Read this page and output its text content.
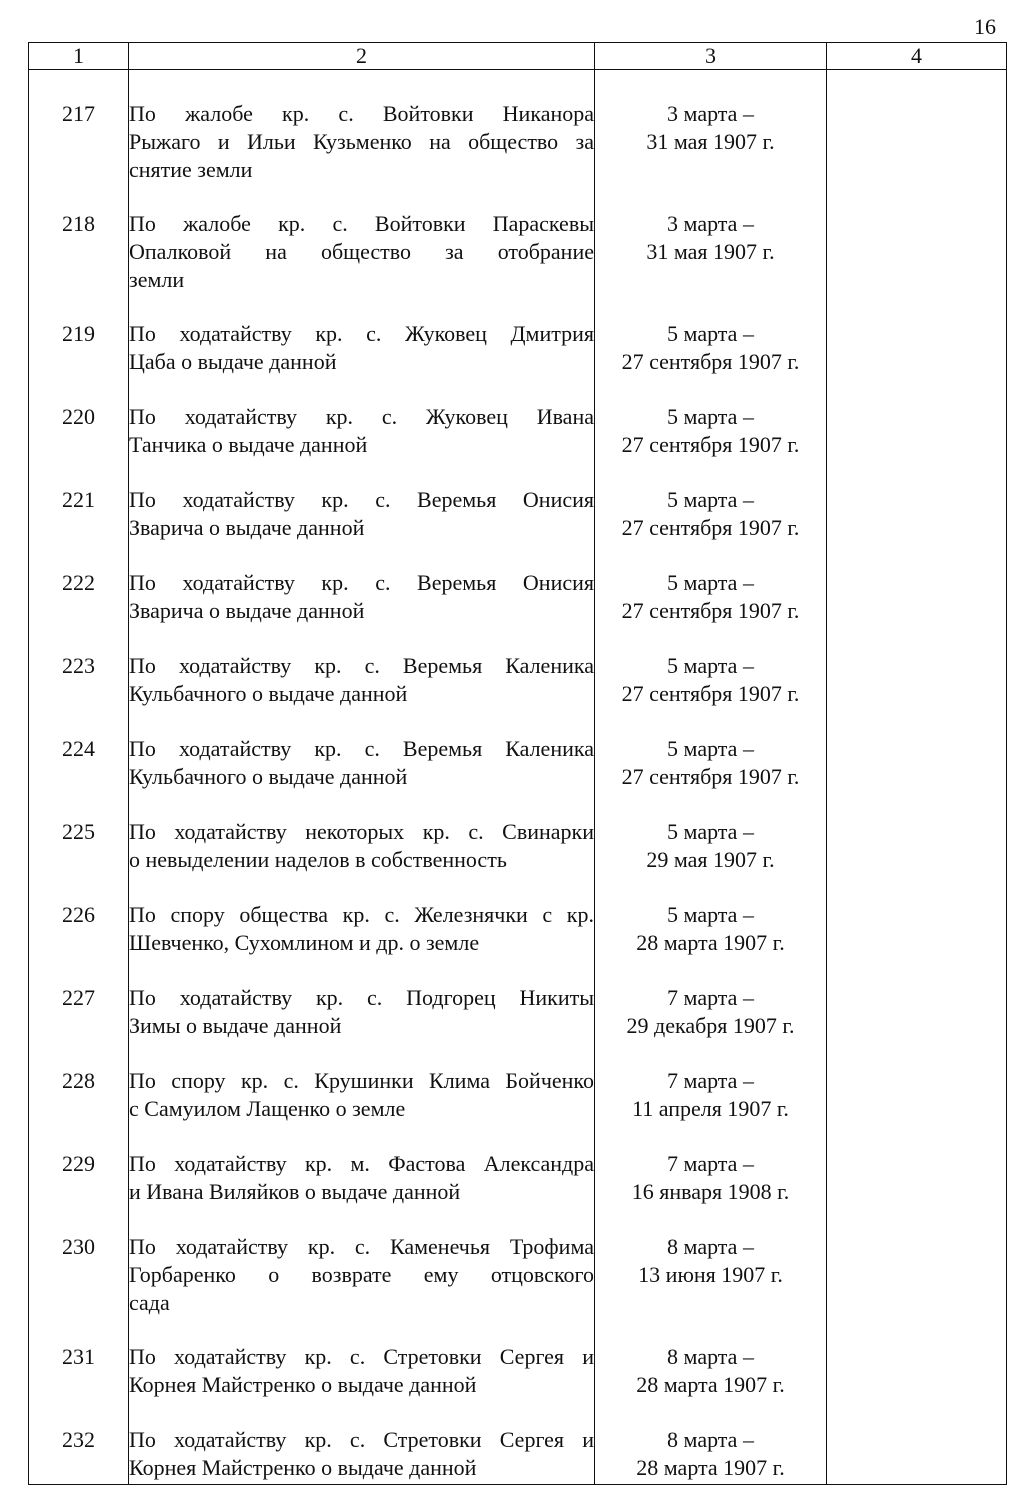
16
1	2	3	4
217	По жалобе кр. с. Войтовки Никанора
Рыжаго и Ильи Кузьменко на общество за
снятие земли	3 марта –
31 мая 1907 г.	

218	По жалобе кр. с. Войтовки Параскевы
Опалковой на общество за отобрание
земли	3 марта –
31 мая 1907 г.	

219	По ходатайству кр. с. Жуковец Дмитрия
Цаба о выдаче данной	5 марта –
27 сентября 1907 г.	

220	По ходатайству кр. с. Жуковец Ивана
Танчика о выдаче данной	5 марта –
27 сентября 1907 г.	

221	По ходатайству кр. с. Веремья Онисия
Зварича о выдаче данной	5 марта –
27 сентября 1907 г.	

222	По ходатайству кр. с. Веремья Онисия
Зварича о выдаче данной	5 марта –
27 сентября 1907 г.	

223	По ходатайству кр. с. Веремья Каленика
Кульбачного о выдаче данной	5 марта –
27 сентября 1907 г.	

224	По ходатайству кр. с. Веремья Каленика
Кульбачного о выдаче данной	5 марта –
27 сентября 1907 г.	

225	По ходатайству некоторых кр. с. Свинарки
о невыделении наделов в собственность	5 марта –
29 мая 1907 г.	

226	По спору общества кр. с. Железнячки с кр.
Шевченко, Сухомлином и др. о земле	5 марта –
28 марта 1907 г.	

227	По ходатайству кр. с. Подгорец Никиты
Зимы о выдаче данной	7 марта –
29 декабря 1907 г.	

228	По спору кр. с. Крушинки Клима Бойченко
с Самуилом Лащенко о земле	7 марта –
11 апреля 1907 г.	

229	По ходатайству кр. м. Фастова Александра
и Ивана Виляйков о выдаче данной	7 марта –
16 января 1908 г.	

230	По ходатайству кр. с. Каменечья Трофима
Горбаренко о возврате ему отцовского
сада	8 марта –
13 июня 1907 г.	

231	По ходатайству кр. с. Стретовки Сергея и
Корнея Майстренко о выдаче данной	8 марта –
28 марта 1907 г.	

232	По ходатайству кр. с. Стретовки Сергея и
Корнея Майстренко о выдаче данной	8 марта –
28 марта 1907 г.	
